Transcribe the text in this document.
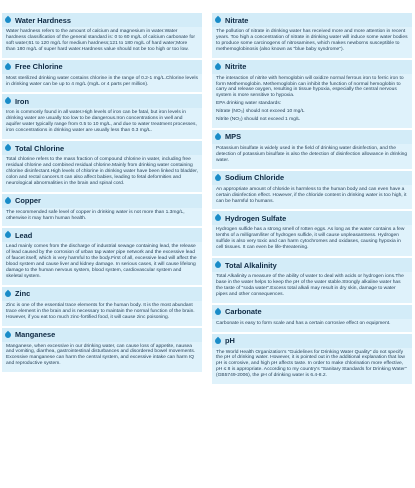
Water Hardness

Water hardness refers to the amount of calcium and magnesium in water.Water hardness classification of the general standard is: 0 to 60 mg/L of calcium carbonate for soft water;61 to 120 mg/L for medium hardness;121 to 180 mg/L of hard water;More than 180 mg/L of super hard water.Hardness value should not be too high or too low.

Free Chlorine

Most sterilized drinking water contains chlorine in the range of 0.2-1 mg/L.Chlorine levels in drinking water can be up to 4 mg/L (mg/L or 4 parts per million).

Iron

Iron is commonly found in all water.High levels of iron can be fatal, but iron levels in drinking water are usually too low to be dangerous.Iron concentrations in well and aquifer water typically range from 0.5 to 10 mg/L, and due to water treatment processes, iron concentrations in drinking water are usually less than 0.3 mg/L.

Total Chlorine

Total chlorine refers to the mass fraction of compound chlorine in water, including free residual chlorine and combined residual chlorine.Mainly from drinking water containing chlorine disinfectant.High levels of chlorine in drinking water have been linked to bladder, colon and rectal cancers.It can also affect babies, leading to fetal deformities and neurological abnormalities in the brain and spinal cord.

Copper

The recommended safe level of copper in drinking water is not more than 1.3mg/L, otherwise it may harm human health.

Lead

Lead mainly comes from the discharge of industrial sewage containing lead, the release of lead caused by the corrosion of urban tap water pipe network and the excessive lead of faucet itself, which is very harmful to the body.First of all, excessive lead will affect the blood system and cause liver and kidney damage. In serious cases, it will cause lifelong damage to the human nervous system, blood system, cardiovascular system and skeletal system.

Zinc

Zinc is one of the essential trace elements for the human body. It is the most abundant trace element in the brain and is necessary to maintain the normal function of the brain. However, if you eat too much zinc-fortified food, it will cause zinc poisoning.

Manganese

Manganese, when excessive in our drinking water, can cause loss of appetite, nausea and vomiting, diarrhea, gastrointestinal disturbances and disordered bowel movements. Excessive manganese can harm the central system, and excessive intake can harm IQ and reproductive system.

Nitrate

The pollution of nitrate in drinking water has received more and more attention in recent years. Too high a concentration of nitrate in drinking water will induce some water bodies to produce some carcinogens of nitrosamines, which makes newborns susceptible to methemoglobinosis (also known as "blue baby syndrome").

Nitrite

The interaction of nitrite with hemoglobin will oxidize normal ferrous iron to ferric iron to form Methemoglobin. Methemoglobin can inhibit the function of normal hemoglobin to carry and release oxygen, resulting in tissue hypoxia, especially the central nervous system is more sensitive to hypoxia.

EPA drinking water standards:

Nitrate (NO₃) should not exceed 10 mg/L

Nitrite (NO₂) should not exceed 1 mg/L

MPS

Potassium bisulfate is widely used in the field of drinking water disinfection, and the detection of potassium bisulfate is also the detection of disinfection allowance in drinking water.

Sodium Chloride

An appropriate amount of chloride is harmless to the human body and can even have a certain disinfection effect. However, if the chloride content in drinking water is too high, it can be harmful to humans.

Hydrogen Sulfate

Hydrogen sulfide has a strong smell of rotten eggs. As long as the water contains a few tenths of a milligram/liter of hydrogen sulfide, it will cause unpleasantness. Hydrogen sulfide is also very toxic and can harm cytochromes and oxidases, causing hypoxia in cell tissues. It can even be life-threatening.

Total Alkalinity

Total Alkalinity a measure of the ability of water to deal with acids or hydrogen ions.The base in the water helps to keep the pH of the water stable.Strongly alkaline water has the taste of "soda water".Excess total alkali may result in dry skin, damage to water pipes and other consequences.

Carbonate

Carbonate is easy to form scale and has a certain corrosive effect on equipment.

pH

The World Health Organization's "Guidelines for Drinking Water Quality" do not specify the pH of drinking water. However, it is pointed out in the additional explanation that low pH is corrosive, and high pH affects taste. In order to make chlorination more effective, pH ≤ 8 is appropriate. According to my country's "Sanitary Standards for Drinking Water" (GB5749-2006), the pH of drinking water is 6.4-8.2.
